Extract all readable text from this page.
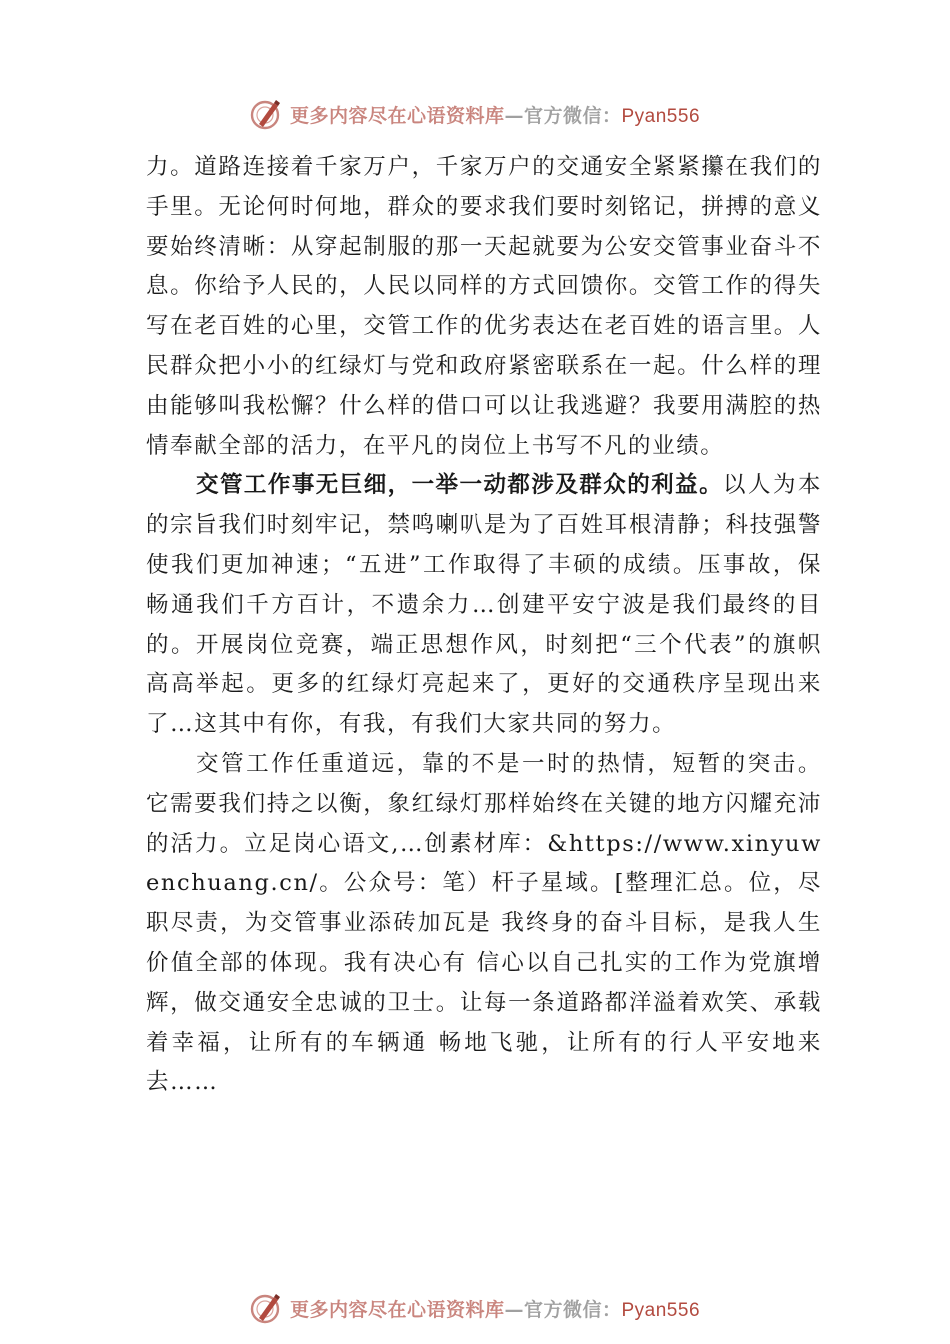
更多内容尽在心语资料库—官方微信：Pyan556

力。道路连接着千家万户，千家万户的交通安全紧紧攥在我们的手里。无论何时何地，群众的要求我们要时刻铭记，拼搏的意义要始终清晰：从穿起制服的那一天起就要为公安交管事业奋斗不息。你给予人民的，人民以同样的方式回馈你。交管工作的得失写在老百姓的心里，交管工作的优劣表达在老百姓的语言里。人民群众把小小的红绿灯与党和政府紧密联系在一起。什么样的理由能够叫我松懈？什么样的借口可以让我逃避？我要用满腔的热情奉献全部的活力，在平凡的岗位上书写不凡的业绩。

交管工作事无巨细，一举一动都涉及群众的利益。以人为本的宗旨我们时刻牢记，禁鸣喇叭是为了百姓耳根清静；科技强警使我们更加神速；“五进”工作取得了丰硕的成绩。压事故，保畅通我们千方百计，不遗余力…创建平安宁波是我们最终的目的。开展岗位竞赛，端正思想作风，时刻把“三个代表”的旗帜高高举起。更多的红绿灯亮起来了，更好的交通秩序呈现出来了…这其中有你，有我，有我们大家共同的努力。

交管工作任重道远，靠的不是一时的热情，短暂的突击。它需要我们持之以衡，象红绿灯那样始终在关键的地方闪耀充沛的活力。立足岗心语文,…创素材库：&https://www.xinyuwenchuang.cn/。公众号：笔）杆子星域。[整理汇总。位，尽职尽责，为交管事业添砖加瓦是 我终身的奋斗目标，是我人生价值全部的体现。我有决心有 信心以自己扎实的工作为党旗增辉，做交通安全忠诚的卫士。让每一条道路都洋溢着欢笑、承载着幸福，让所有的车辆通 畅地飞驰，让所有的行人平安地来去……

更多内容尽在心语资料库—官方微信：Pyan556
